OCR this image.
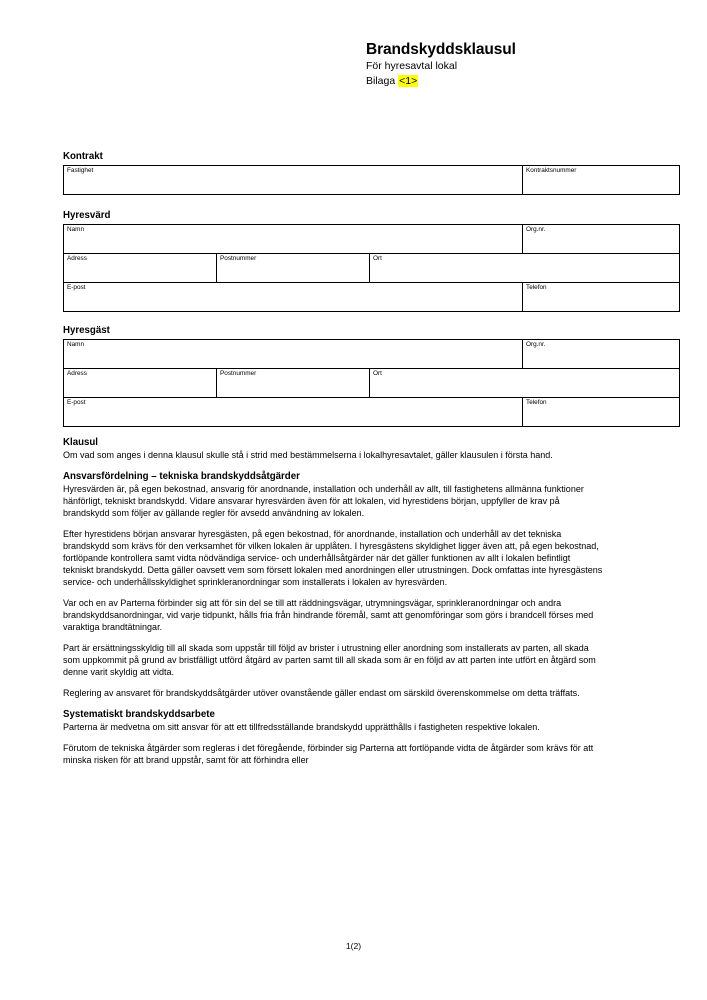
Brandskyddsklausul
För hyresavtal lokal
Bilaga <1>
Kontrakt
Fastighet	Kontraktsnummer
Hyresvärd
Namn			Org.nr.

Adress	Postnummer	Ort	

E-post			Telefon
Hyresgäst
Namn			Org.nr.

Adress	Postnummer	Ort	

E-post			Telefon
Klausul

Om vad som anges i denna klausul skulle stå i strid med bestämmelserna i lokalhyresavtalet, gäller klausulen i första hand.

Ansvarsfördelning – tekniska brandskyddsåtgärder

Hyresvärden är, på egen bekostnad, ansvarig för anordnande, installation och underhåll av allt, till fastighetens allmänna funktioner hänförligt, tekniskt brandskydd. Vidare ansvarar hyresvärden även för att lokalen, vid hyrestidens början, uppfyller de krav på brandskydd som följer av gällande regler för avsedd användning av lokalen.

Efter hyrestidens början ansvarar hyresgästen, på egen bekostnad, för anordnande, installation och underhåll av det tekniska brandskydd som krävs för den verksamhet för vilken lokalen är upplåten. I hyresgästens skyldighet ligger även att, på egen bekostnad, fortlöpande kontrollera samt vidta nödvändiga service- och underhållsåtgärder när det gäller funktionen av allt i lokalen befintligt tekniskt brandskydd. Detta gäller oavsett vem som försett lokalen med anordningen eller utrustningen. Dock omfattas inte hyresgästens service- och underhållsskyldighet sprinkleranordningar som installerats i lokalen av hyresvärden.

Var och en av Parterna förbinder sig att för sin del se till att räddningsvägar, utrymningsvägar, sprinkleranordningar och andra brandskyddsanordningar, vid varje tidpunkt, hålls fria från hindrande föremål, samt att genomföringar som görs i brandcell förses med varaktiga brandtätningar.

Part är ersättningsskyldig till all skada som uppstår till följd av brister i utrustning eller anordning som installerats av parten, all skada som uppkommit på grund av bristfälligt utförd åtgärd av parten samt till all skada som är en följd av att parten inte utfört en åtgärd som denne varit skyldig att vidta.

Reglering av ansvaret för brandskyddsåtgärder utöver ovanstående gäller endast om särskild överenskommelse om detta träffats.

Systematiskt brandskyddsarbete

Parterna är medvetna om sitt ansvar för att ett tillfredsställande brandskydd upprätthålls i fastigheten respektive lokalen.

Förutom de tekniska åtgärder som regleras i det föregående, förbinder sig Parterna att fortlöpande vidta de åtgärder som krävs för att minska risken för att brand uppstår, samt för att förhindra eller

1(2)
